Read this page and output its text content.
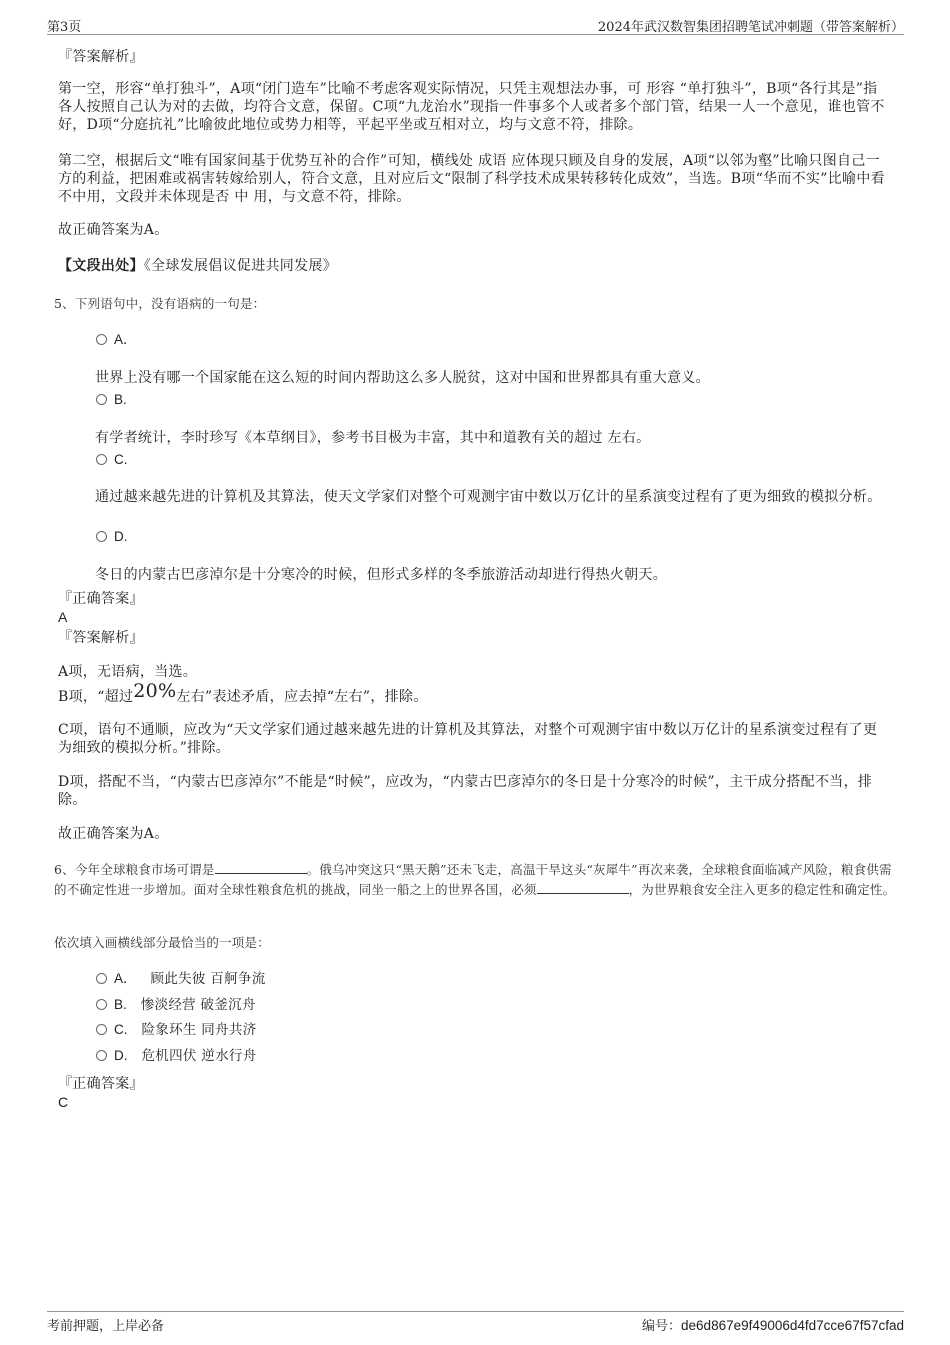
第3页	2024年武汉数智集团招聘笔试冲刺题（带答案解析）
『答案解析』
第一空，形容“单打独斗”，A项“闭门造车”比喻不考虑客观实际情况，只凭主观想法办事，可 形容 “单打独斗”，B项“各行其是”指各人按照自己认为对的去做，均符合文意，保留。C项“九龙治水”现指一件事多个人或者多个部门管，结果一人一个意见，谁也管不好，D项“分庭抗礼”比喻彼此地位或势力相等，平起平坐或互相对立，均与文意不符，排除。
第二空，根据后文“唯有国家间基于优势互补的合作”可知，横线处 成语 应体现只顾及自身的发展，A项“以邻为壑”比喻只图自己一方的利益，把困难或祸害转嫁给别人，符合文意，且对应后文“限制了科学技术成果转移转化成效”，当选。B项“华而不实”比喻中看不中用，文段并未体现是否 中 用，与文意不符，排除。
故正确答案为A。
【文段出处】《全球发展倡议促进共同发展》
5、下列语句中，没有语病的一句是：
A．
世界上没有哪一个国家能在这么短的时间内帮助这么多人脱贫，这对中国和世界都具有重大意义。
B.
有学者统计，李时珍写《本草纲目》，参考书目极为丰富，其中和道教有关的超过 左右。
C.
通过越来越先进的计算机及其算法，使天文学家们对整个可观测宇宙中数以万亿计的星系演变过程有了更为细致的模拟分析。
D.
冬日的内蒙古巴彦淖尔是十分寒冷的时候，但形式多样的冬季旅游活动却进行得热火朝天。
『正确答案』
A
『答案解析』
A项，无语病，当选。
B项，“超过20%左右”表述矛盾，应去掉“左右”，排除。
C项，语句不通顺，应改为“天文学家们通过越来越先进的计算机及其算法，对整个可观测宇宙中数以万亿计的星系演变过程有了更为细致的模拟分析。”排除。
D项，搭配不当，“内蒙古巴彦淖尔”不能是“时候”，应改为，“内蒙古巴彦淖尔的冬日是十分寒冷的时候”，主干成分搭配不当，排除。
故正确答案为A。
6、今年全球粮食市场可谓是	。俄乌冲突这只“黑天鹅”还未飞走，高温干旱这头“灰犀牛”再次来袭，全球粮食面临减产风险，粮食供需的不确定性进一步增加。面对全球性粮食危机的挑战，同坐一船之上的世界各国，必须	，为世界粮食安全注入更多的稳定性和确定性。
依次填入画横线部分最恰当的一项是：
A． 顾此失彼 百舸争流
B. 惨淡经营 破釜沉舟
C. 险象环生 同舟共济
D. 危机四伏 逆水行舟
『正确答案』
C
考前押题，上岸必备	编号：de6d867e9f49006d4fd7cce67f57cfad
